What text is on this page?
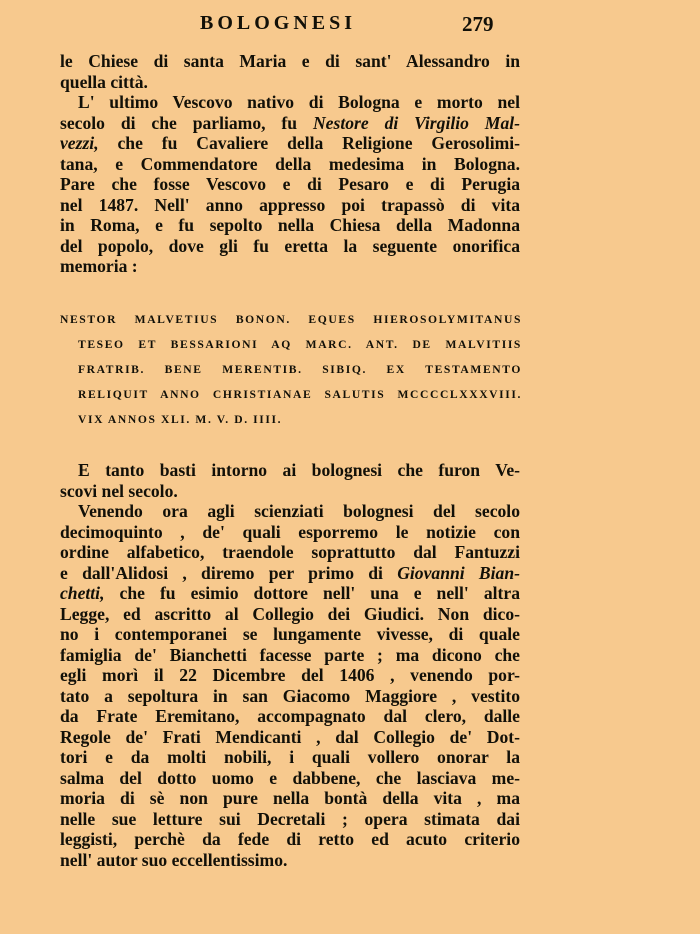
BOLOGNESI	279
le Chiese di santa Maria e di sant' Alessandro in
quella città.
L' ultimo Vescovo nativo di Bologna e morto nel
secolo di che parliamo, fu Nestore di Virgilio Mal-
vezzi, che fu Cavaliere della Religione Gerosolimi-
tana, e Commendatore della medesima in Bologna.
Pare che fosse Vescovo e di Pesaro e di Perugia
nel 1487. Nell' anno appresso poi trapassò di vita
in Roma, e fu sepolto nella Chiesa della Madonna
del popolo, dove gli fu eretta la seguente onorifica
memoria :
NESTOR MALVETIUS BONON. EQUES HIEROSOLYMITANUS
TESEO ET BESSARIONI AQ MARC. ANT. DE MALVITIIS
FRATRIB. BENE MERENTIB. SIBIQ. EX TESTAMENTO
RELIQUIT ANNO CHRISTIANAE SALUTIS MCCCCLXXXVIII.
VIX ANNOS XLI. M. V. D. IIII.
E tanto basti intorno ai bolognesi che furon Ve-
scovi nel secolo.
Venendo ora agli scienziati bolognesi del secolo
decimoquinto , de' quali esporremo le notizie con
ordine alfabetico, traendole soprattutto dal Fantuzzi
e dall'Alidosi , diremo per primo di Giovanni Bian-
chetti, che fu esimio dottore nell' una e nell' altra
Legge, ed ascritto al Collegio dei Giudici. Non dico-
no i contemporanei se lungamente vivesse, di quale
famiglia de' Bianchetti facesse parte ; ma dicono che
egli morì il 22 Dicembre del 1406 , venendo por-
tato a sepoltura in san Giacomo Maggiore , vestito
da Frate Eremitano, accompagnato dal clero, dalle
Regole de' Frati Mendicanti , dal Collegio de' Dot-
tori e da molti nobili, i quali vollero onorar la
salma del dotto uomo e dabbene, che lasciava me-
moria di sè non pure nella bontà della vita , ma
nelle sue letture sui Decretali ; opera stimata dai
leggisti, perchè da fede di retto ed acuto criterio
nell' autor suo eccellentissimo.
